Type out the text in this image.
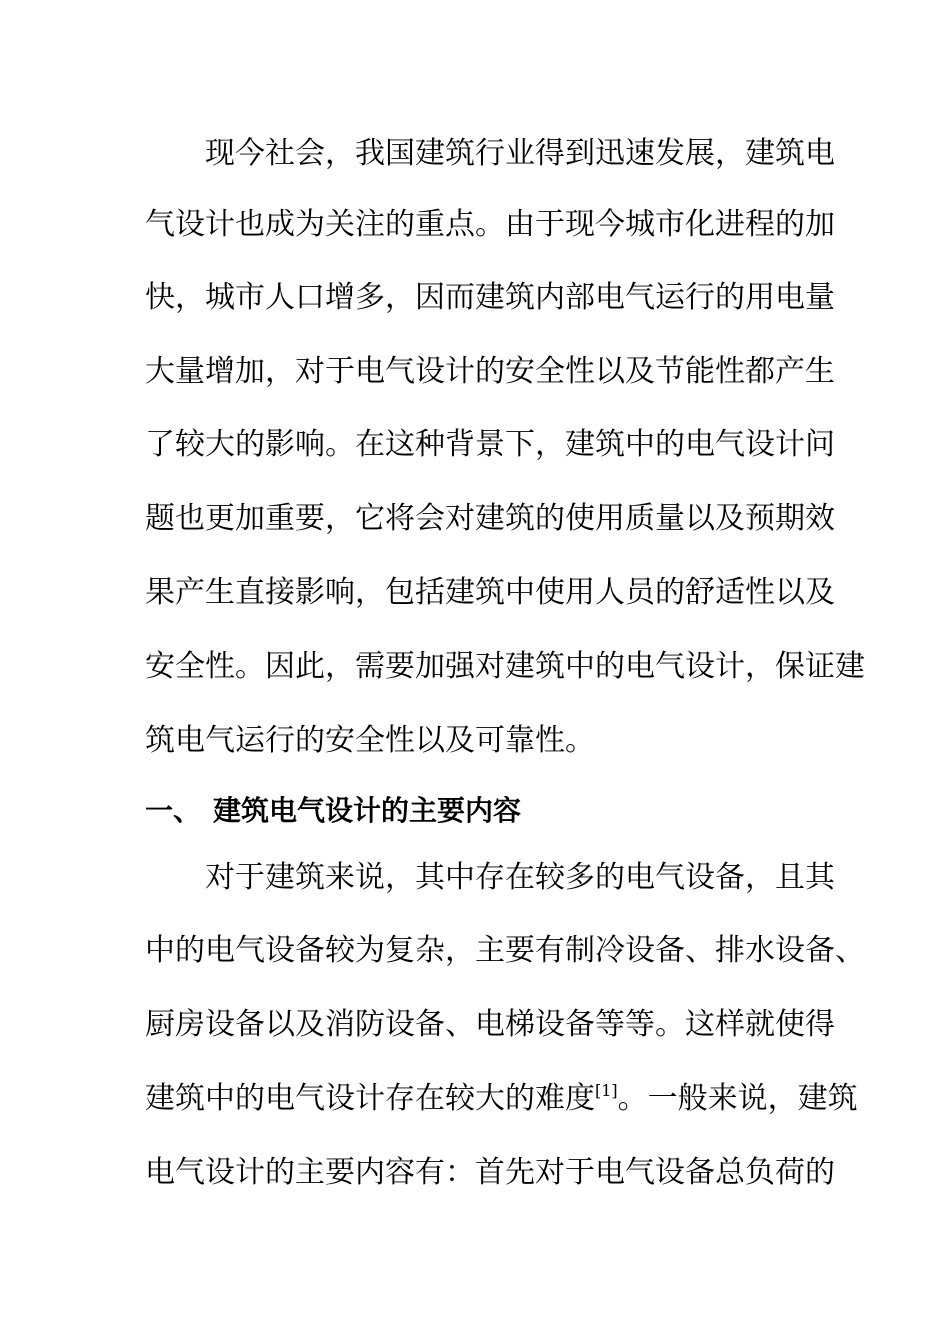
现今社会，我国建筑行业得到迅速发展，建筑电
气设计也成为关注的重点。由于现今城市化进程的加
快，城市人口增多，因而建筑内部电气运行的用电量
大量增加，对于电气设计的安全性以及节能性都产生
了较大的影响。在这种背景下，建筑中的电气设计问
题也更加重要，它将会对建筑的使用质量以及预期效
果产生直接影响，包括建筑中使用人员的舒适性以及
安全性。因此，需要加强对建筑中的电气设计，保证建
筑电气运行的安全性以及可靠性。
一、 建筑电气设计的主要内容
对于建筑来说，其中存在较多的电气设备，且其
中的电气设备较为复杂，主要有制冷设备、排水设备、
厨房设备以及消防设备、电梯设备等等。这样就使得
建筑中的电气设计存在较大的难度[1]。一般来说，建筑
电气设计的主要内容有：首先对于电气设备总负荷的
